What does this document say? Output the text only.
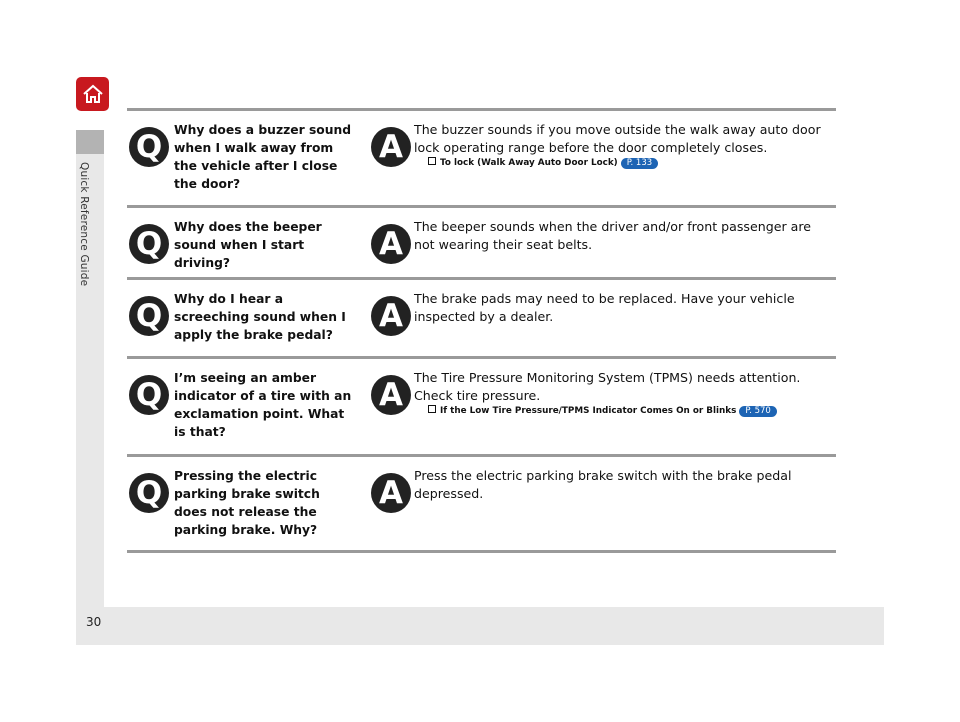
Quick Reference Guide
30
Q Why does a buzzer sound when I walk away from the vehicle after I close the door?
A The buzzer sounds if you move outside the walk away auto door lock operating range before the door completely closes.
To lock (Walk Away Auto Door Lock) P. 133
Q Why does the beeper sound when I start driving?
A The beeper sounds when the driver and/or front passenger are not wearing their seat belts.
Q Why do I hear a screeching sound when I apply the brake pedal?
A The brake pads may need to be replaced. Have your vehicle inspected by a dealer.
Q I’m seeing an amber indicator of a tire with an exclamation point. What is that?
A The Tire Pressure Monitoring System (TPMS) needs attention. Check tire pressure.
If the Low Tire Pressure/TPMS Indicator Comes On or Blinks P. 570
Q Pressing the electric parking brake switch does not release the parking brake. Why?
A Press the electric parking brake switch with the brake pedal depressed.
